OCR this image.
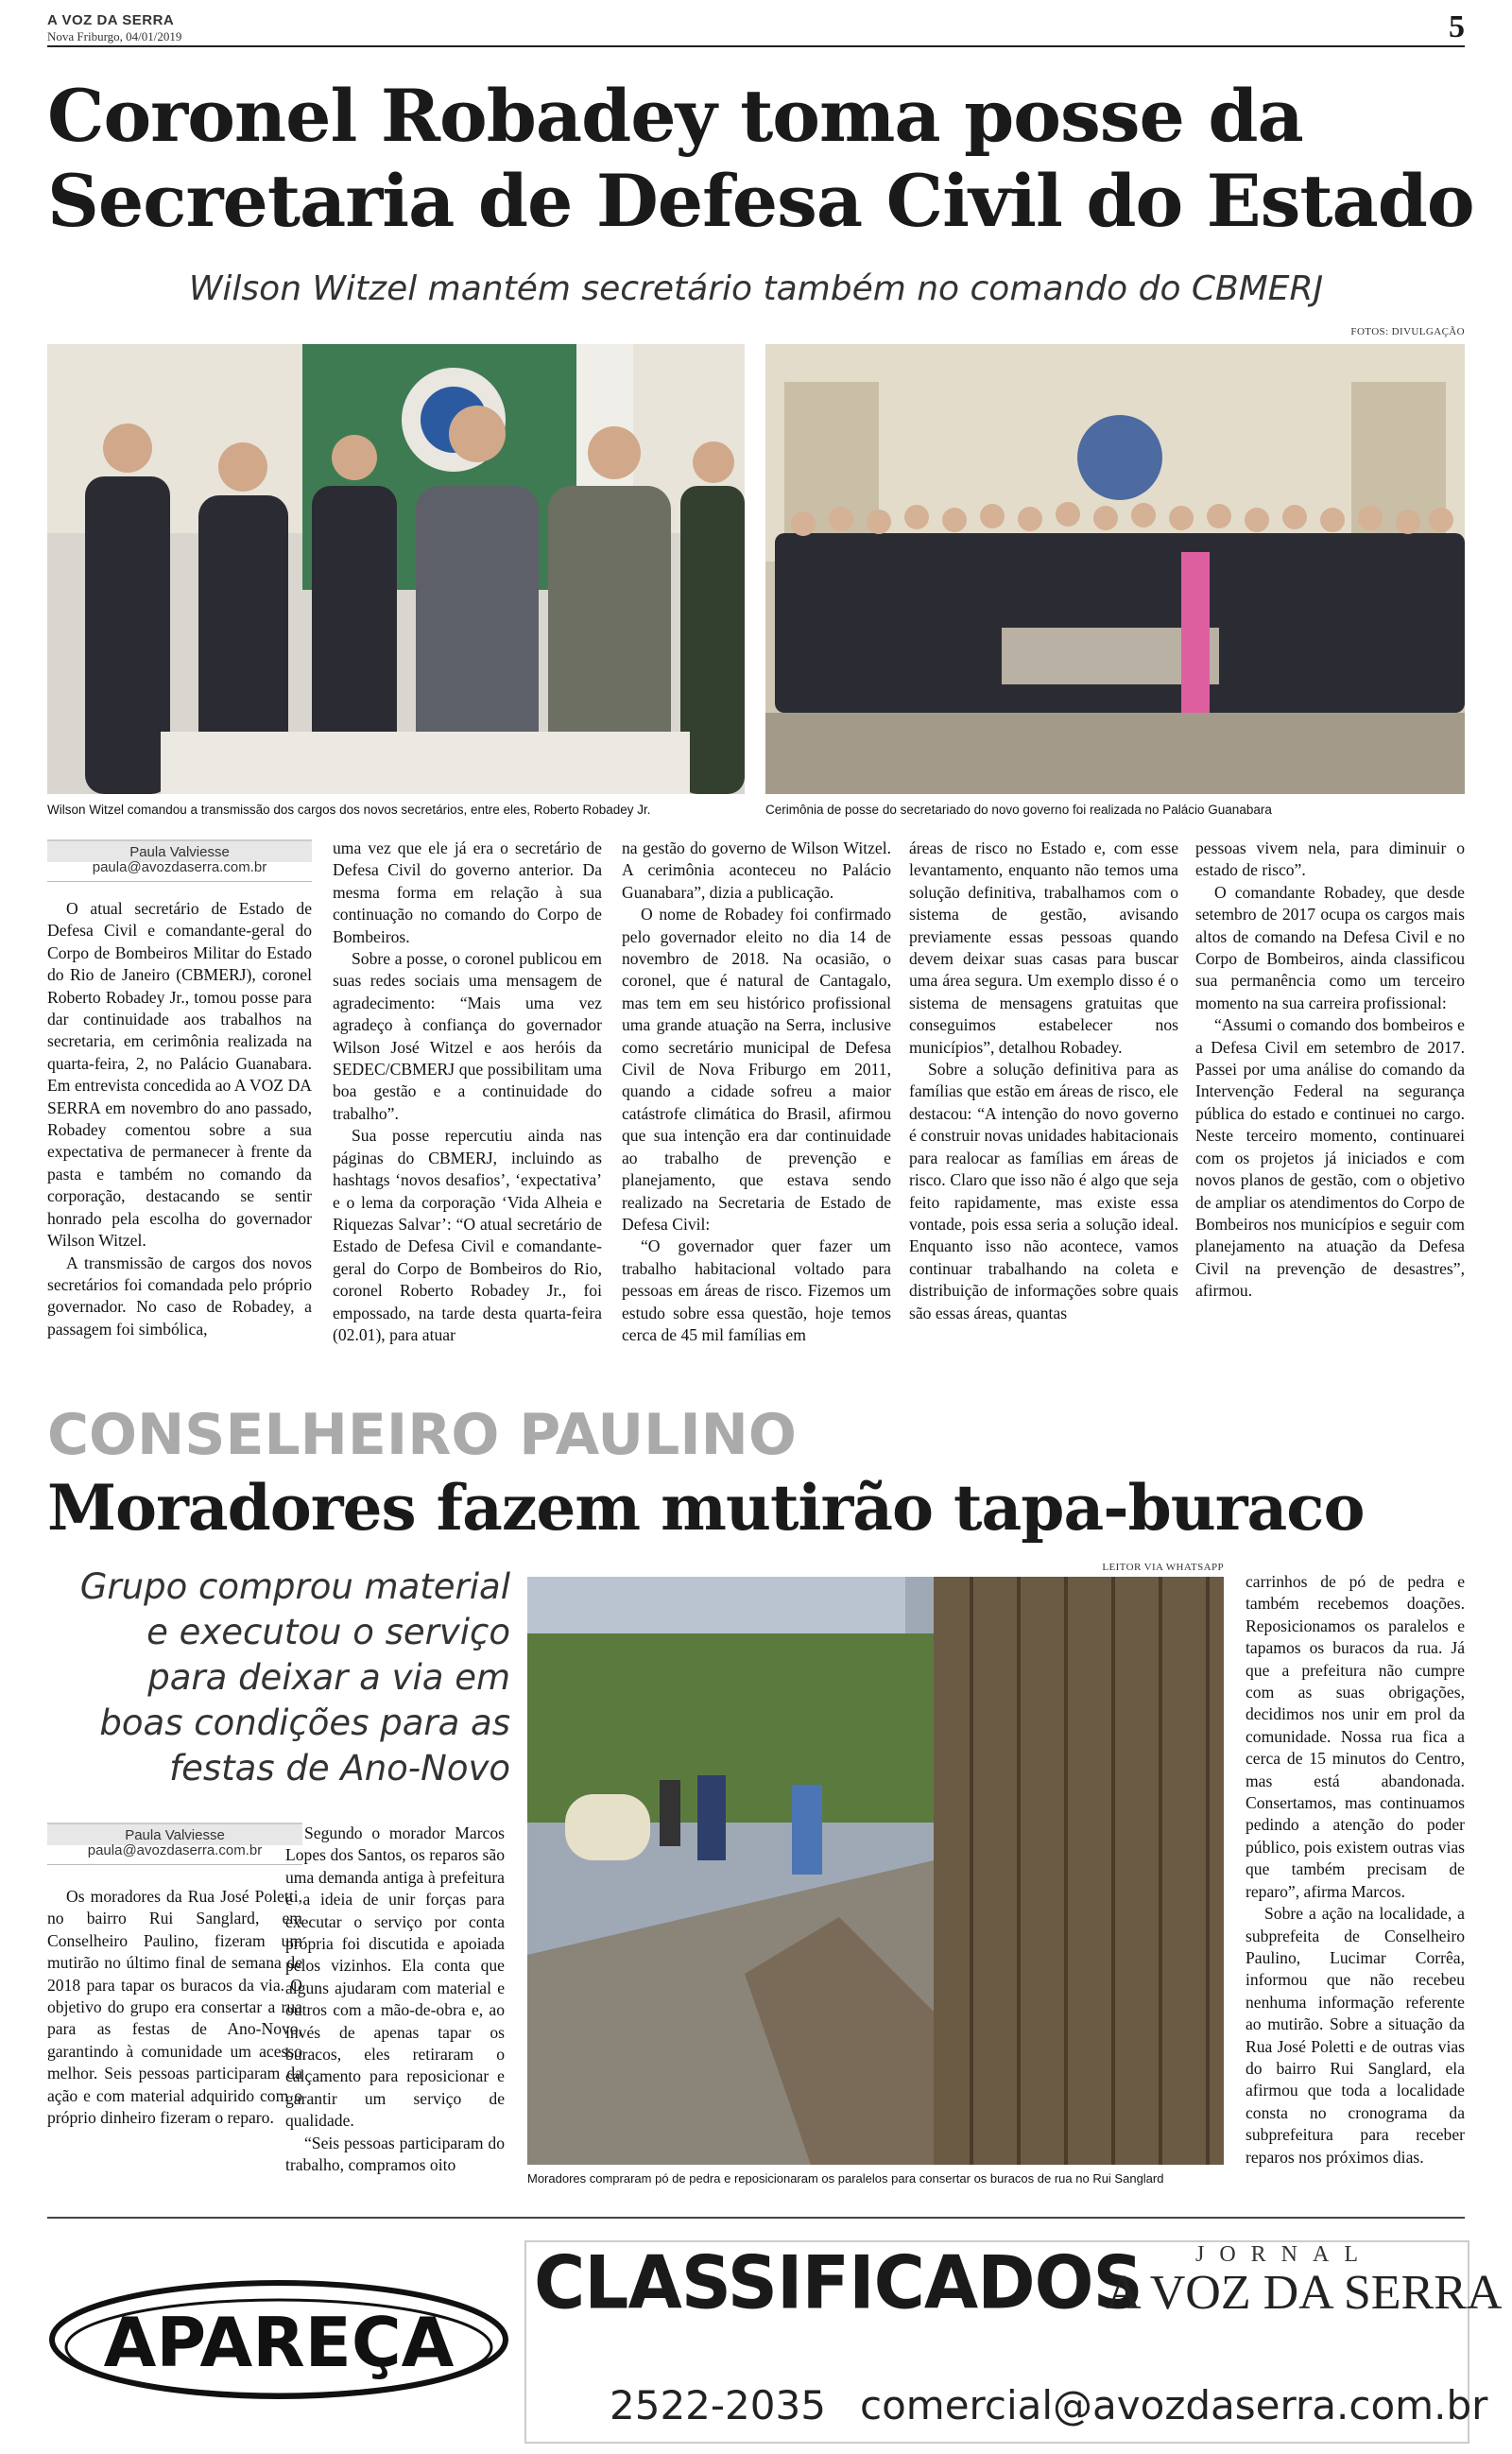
A VOZ DA SERRA
Nova Friburgo, 04/01/2019	5
Coronel Robadey toma posse da Secretaria de Defesa Civil do Estado
Wilson Witzel mantém secretário também no comando do CBMERJ
FOTOS: DIVULGAÇÃO
Wilson Witzel comandou a transmissão dos cargos dos novos secretários, entre eles, Roberto Robadey Jr.	Cerimônia de posse do secretariado do novo governo foi realizada no Palácio Guanabara
Paula Valviesse
paula@avozdaserra.com.br

O atual secretário de Estado de Defesa Civil e comandante-geral do Corpo de Bombeiros Militar do Estado do Rio de Janeiro (CBMERJ), coronel Roberto Robadey Jr., tomou posse para dar continuidade aos trabalhos na secretaria, em cerimônia realizada na quarta-feira, 2, no Palácio Guanabara. Em entrevista concedida ao A VOZ DA SERRA em novembro do ano passado, Robadey comentou sobre a sua expectativa de permanecer à frente da pasta e também no comando da corporação, destacando se sentir honrado pela escolha do governador Wilson Witzel.

A transmissão de cargos dos novos secretários foi comandada pelo próprio governador. No caso de Robadey, a passagem foi simbólica,

uma vez que ele já era o secretário de Defesa Civil do governo anterior. Da mesma forma em relação à sua continuação no comando do Corpo de Bombeiros.

Sobre a posse, o coronel publicou em suas redes sociais uma mensagem de agradecimento: “Mais uma vez agradeço à confiança do governador Wilson José Witzel e aos heróis da SEDEC/CBMERJ que possibilitam uma boa gestão e a continuidade do trabalho”.

Sua posse repercutiu ainda nas páginas do CBMERJ, incluindo as hashtags ‘novos desafios’, ‘expectativa’ e o lema da corporação ‘Vida Alheia e Riquezas Salvar’: “O atual secretário de Estado de Defesa Civil e comandante-geral do Corpo de Bombeiros do Rio, coronel Roberto Robadey Jr., foi empossado, na tarde desta quarta-feira (02.01), para atuar

na gestão do governo de Wilson Witzel. A cerimônia aconteceu no Palácio Guanabara”, dizia a publicação.

O nome de Robadey foi confirmado pelo governador eleito no dia 14 de novembro de 2018. Na ocasião, o coronel, que é natural de Cantagalo, mas tem em seu histórico profissional uma grande atuação na Serra, inclusive como secretário municipal de Defesa Civil de Nova Friburgo em 2011, quando a cidade sofreu a maior catástrofe climática do Brasil, afirmou que sua intenção era dar continuidade ao trabalho de prevenção e planejamento, que estava sendo realizado na Secretaria de Estado de Defesa Civil:

“O governador quer fazer um trabalho habitacional voltado para pessoas em áreas de risco. Fizemos um estudo sobre essa questão, hoje temos cerca de 45 mil famílias em

áreas de risco no Estado e, com esse levantamento, enquanto não temos uma solução definitiva, trabalhamos com o sistema de gestão, avisando previamente essas pessoas quando devem deixar suas casas para buscar uma área segura. Um exemplo disso é o sistema de mensagens gratuitas que conseguimos estabelecer nos municípios”, detalhou Robadey.

Sobre a solução definitiva para as famílias que estão em áreas de risco, ele destacou: “A intenção do novo governo é construir novas unidades habitacionais para realocar as famílias em áreas de risco. Claro que isso não é algo que seja feito rapidamente, mas existe essa vontade, pois essa seria a solução ideal. Enquanto isso não acontece, vamos continuar trabalhando na coleta e distribuição de informações sobre quais são essas áreas, quantas

pessoas vivem nela, para diminuir o estado de risco”.

O comandante Robadey, que desde setembro de 2017 ocupa os cargos mais altos de comando na Defesa Civil e no Corpo de Bombeiros, ainda classificou sua permanência como um terceiro momento na sua carreira profissional:

“Assumi o comando dos bombeiros e a Defesa Civil em setembro de 2017. Passei por uma análise do comando da Intervenção Federal na segurança pública do estado e continuei no cargo. Neste terceiro momento, continuarei com os projetos já iniciados e com novos planos de gestão, com o objetivo de ampliar os atendimentos do Corpo de Bombeiros nos municípios e seguir com planejamento na atuação da Defesa Civil na prevenção de desastres”, afirmou.

CONSELHEIRO PAULINO
Moradores fazem mutirão tapa-buraco
Grupo comprou material e executou o serviço para deixar a via em boas condições para as festas de Ano-Novo
LEITOR VIA WHATSAPP
Moradores compraram pó de pedra e reposicionaram os paralelos para consertar os buracos de rua no Rui Sanglard
Paula Valviesse
paula@avozdaserra.com.br

Os moradores da Rua José Poletti, no bairro Rui Sanglard, em Conselheiro Paulino, fizeram um mutirão no último final de semana de 2018 para tapar os buracos da via. O objetivo do grupo era consertar a rua para as festas de Ano-Novo, garantindo à comunidade um acesso melhor. Seis pessoas participaram da ação e com material adquirido com o próprio dinheiro fizeram o reparo.

Segundo o morador Marcos Lopes dos Santos, os reparos são uma demanda antiga à prefeitura e a ideia de unir forças para executar o serviço por conta própria foi discutida e apoiada pelos vizinhos. Ela conta que alguns ajudaram com material e outros com a mão-de-obra e, ao invés de apenas tapar os buracos, eles retiraram o calçamento para reposicionar e garantir um serviço de qualidade.

“Seis pessoas participaram do trabalho, compramos oito

carrinhos de pó de pedra e também recebemos doações. Reposicionamos os paralelos e tapamos os buracos da rua. Já que a prefeitura não cumpre com as suas obrigações, decidimos nos unir em prol da comunidade. Nossa rua fica a cerca de 15 minutos do Centro, mas está abandonada. Consertamos, mas continuamos pedindo a atenção do poder público, pois existem outras vias que também precisam de reparo”, afirma Marcos.

Sobre a ação na localidade, a subprefeita de Conselheiro Paulino, Lucimar Corrêa, informou que não recebeu nenhuma informação referente ao mutirão. Sobre a situação da Rua José Poletti e de outras vias do bairro Rui Sanglard, ela afirmou que toda a localidade consta no cronograma da subprefeitura para receber reparos nos próximos dias.

APAREÇA
CLASSIFICADOS JORNAL
A VOZ DA SERRA
2522-2035 comercial@avozdaserra.com.br
